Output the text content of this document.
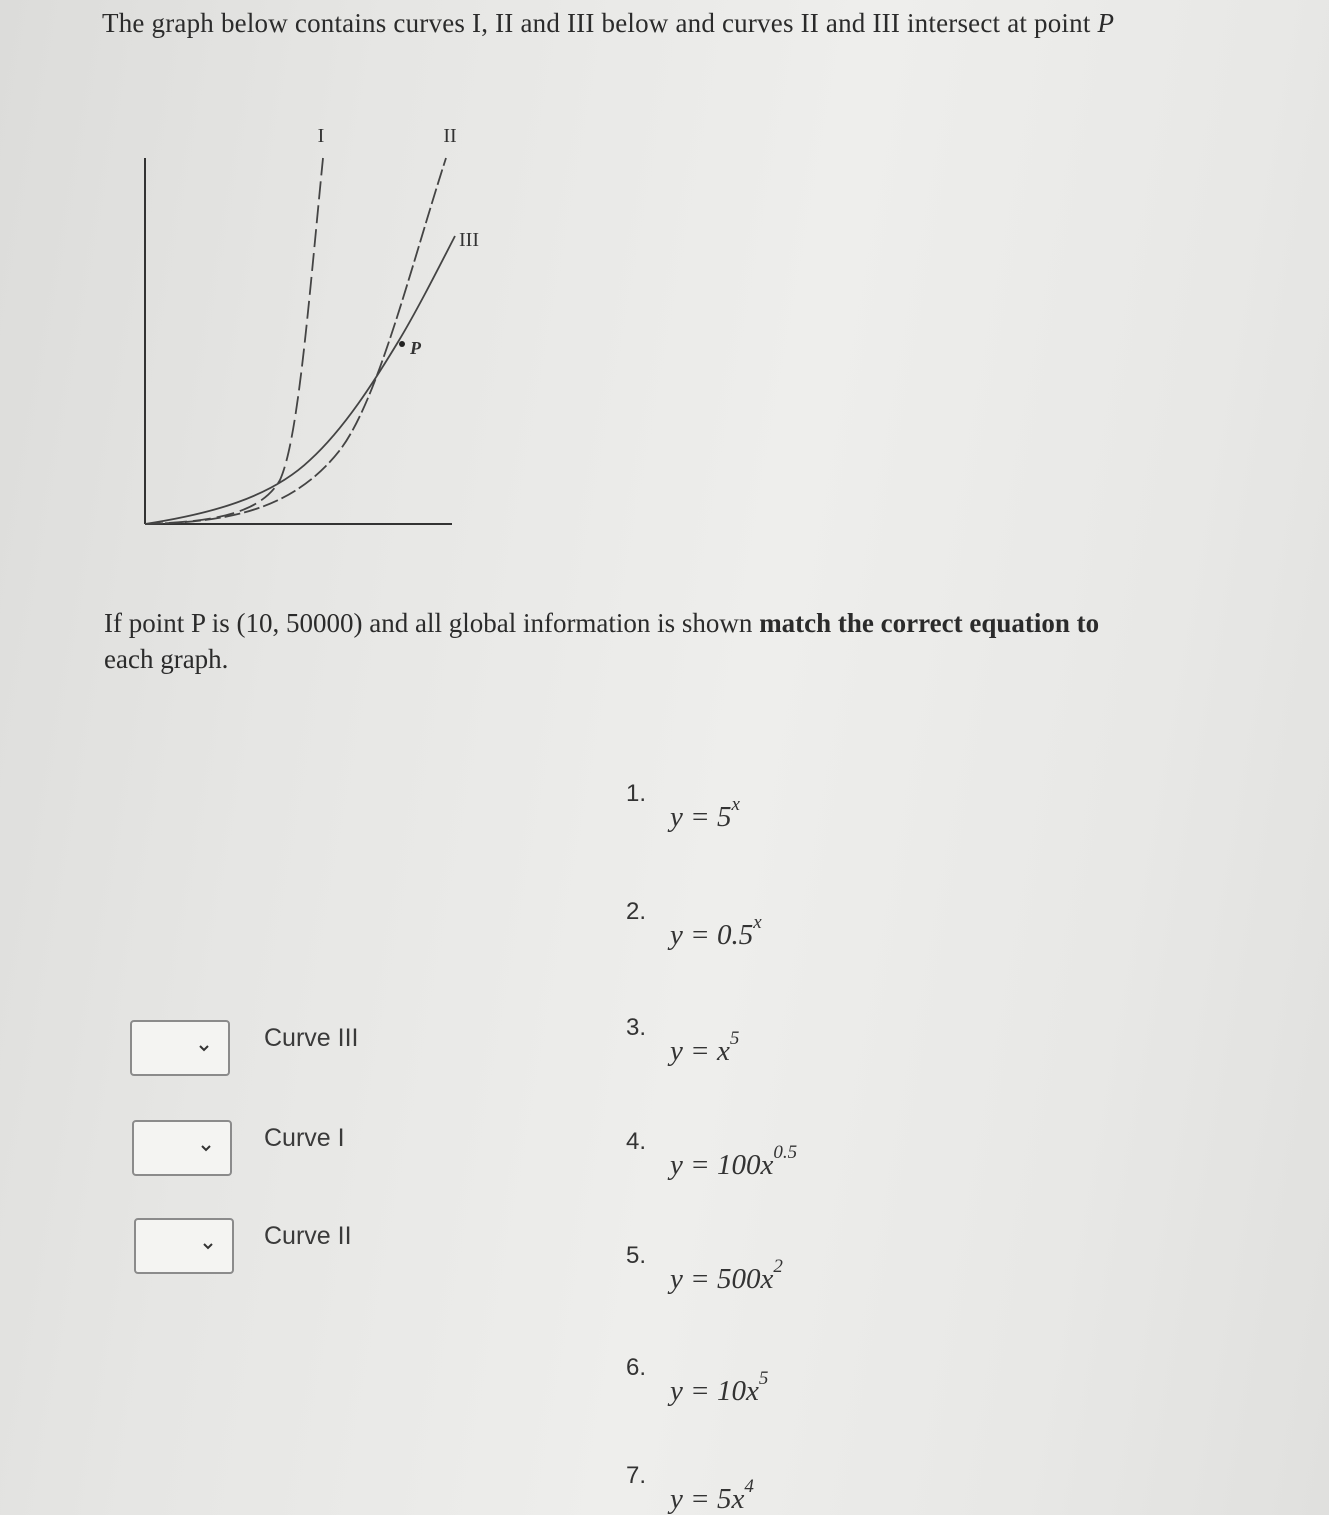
The graph below contains curves I, II and III below and curves II and III intersect at point P
P
I	II
III
If point P is (10, 50000) and all global information is shown match the correct equation to
each graph.
1.
$y = 5^x$
2.
$y = 0.5^x$
3.
$y = x^5$
4.
$y = 100x^{0.5}$
5.
$y = 500x^2$
6.
$y = 10x^5$
7.
$y = 5x^4$
Curve III
Curve I
Curve II
